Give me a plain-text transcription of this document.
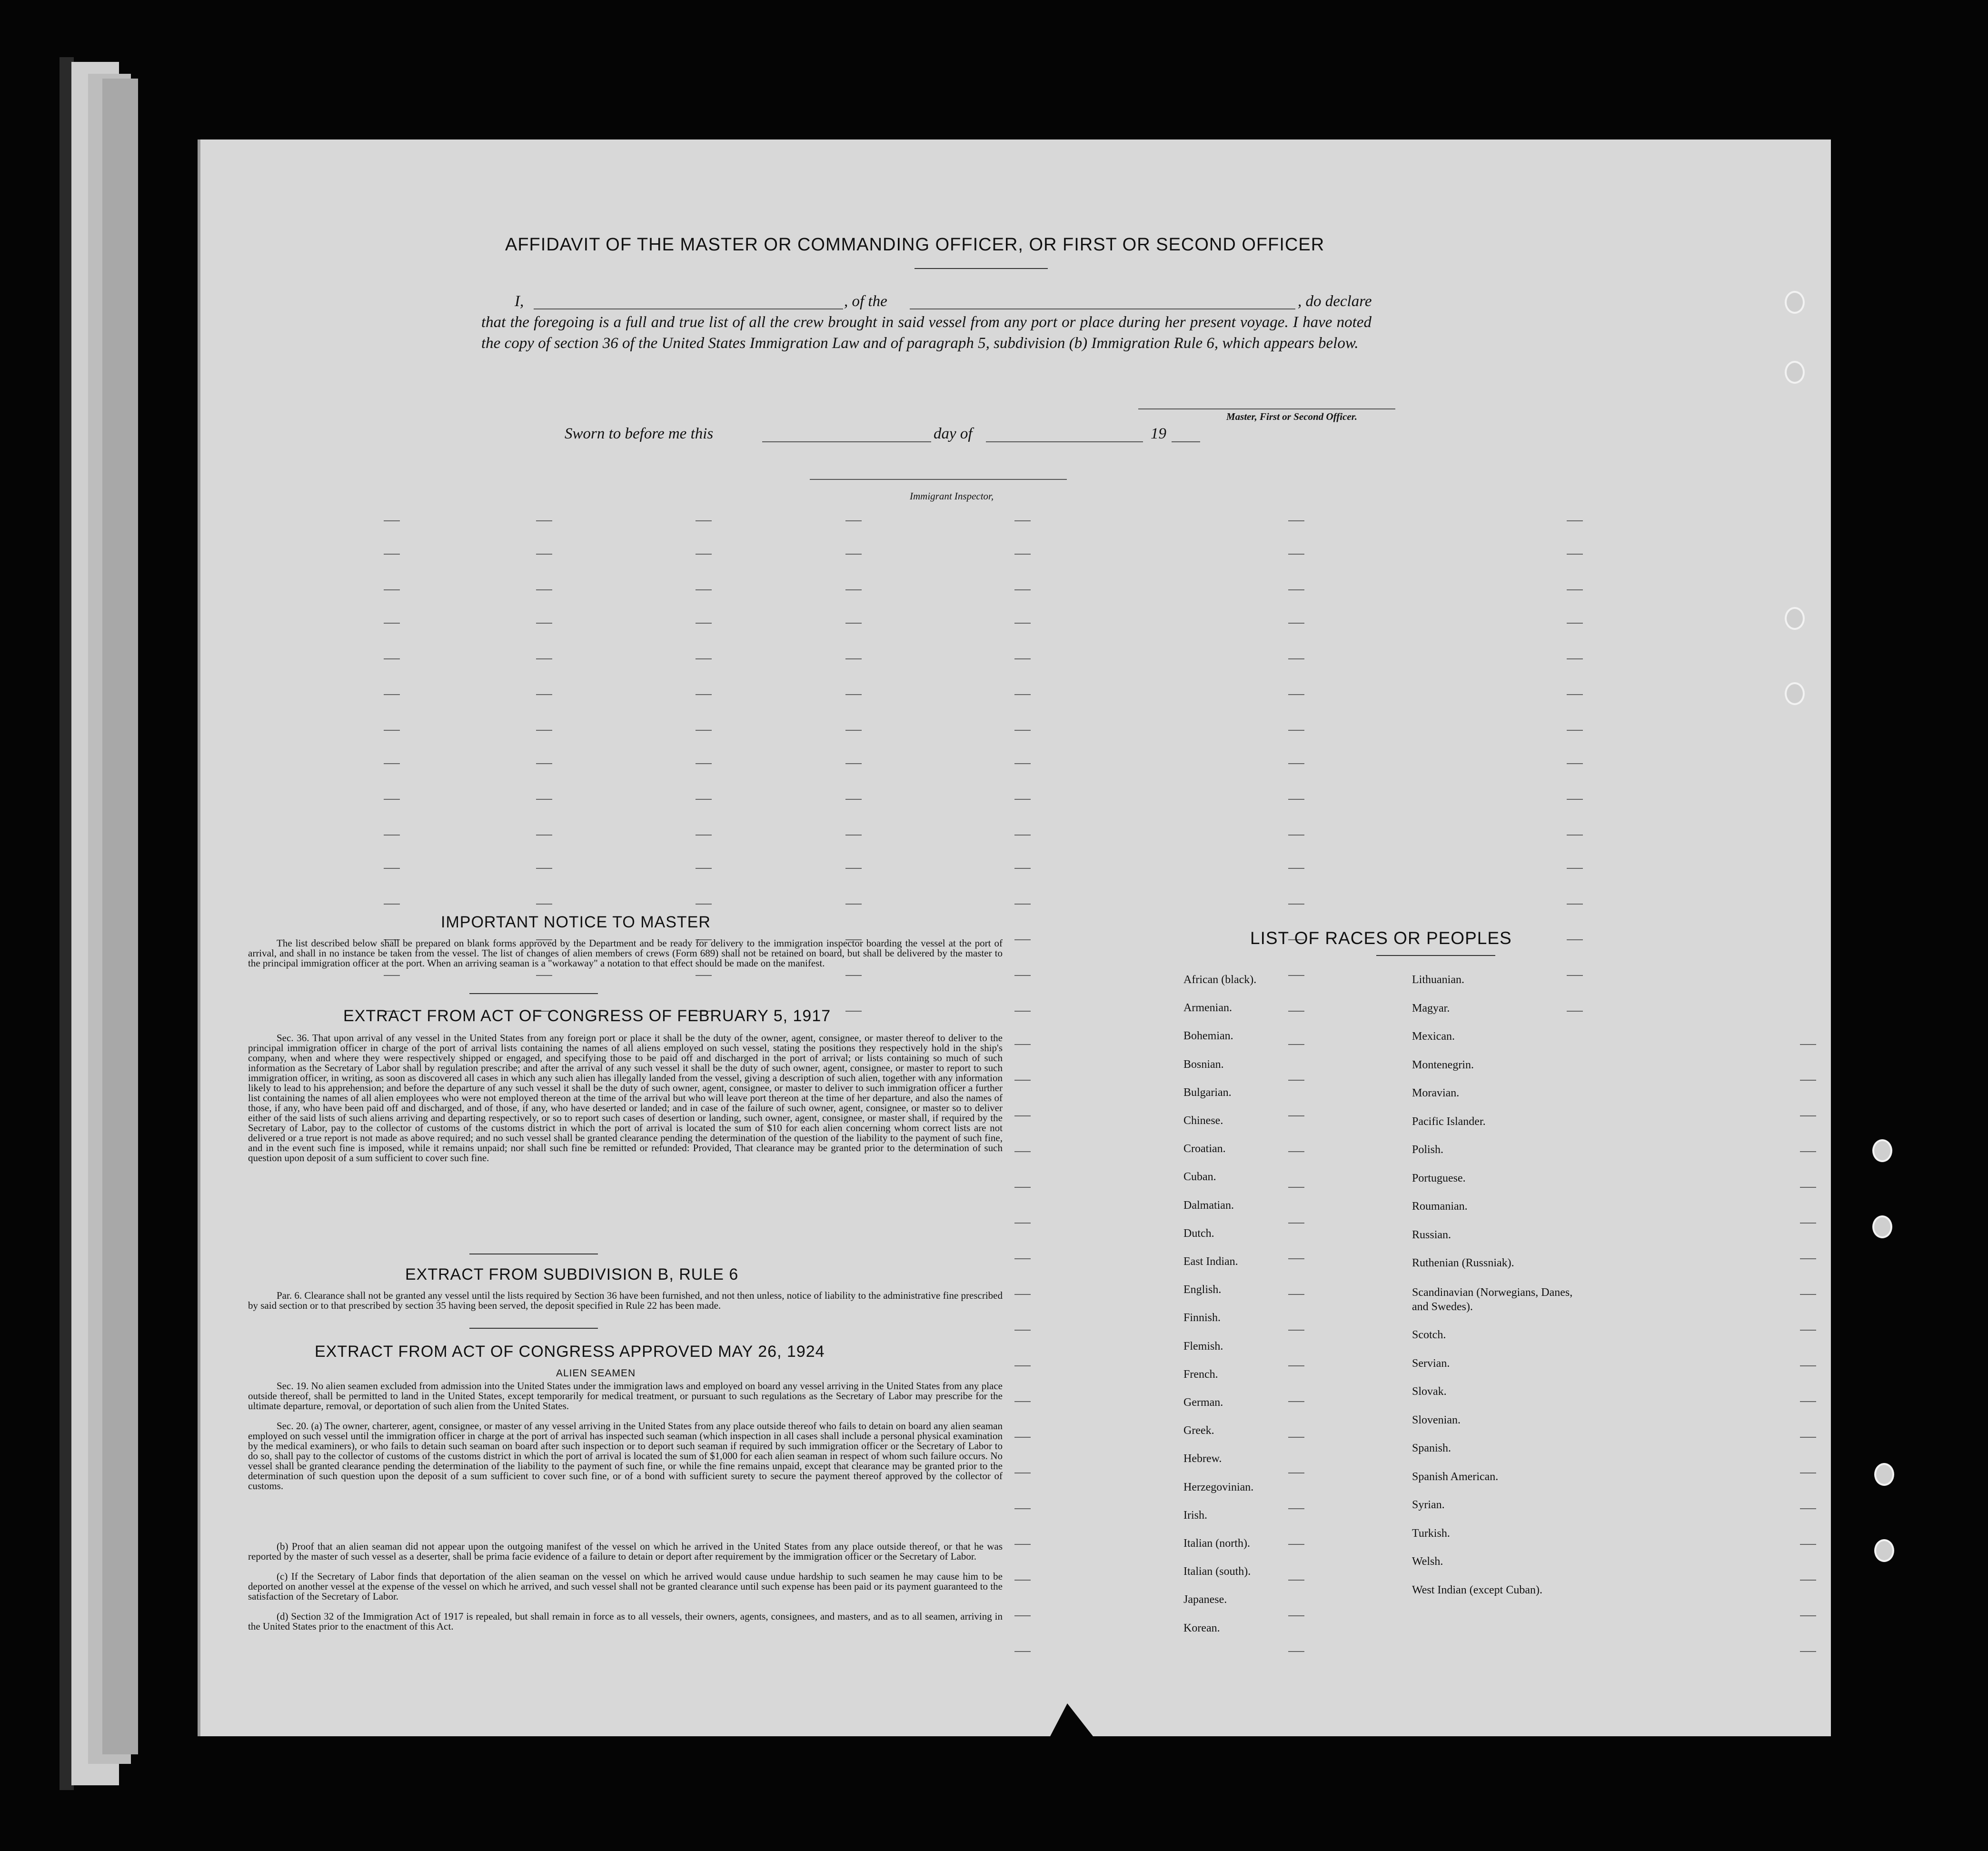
AFFIDAVIT OF THE MASTER OR COMMANDING OFFICER, OR FIRST OR SECOND OFFICER
I,	, of the	, do declare
that the foregoing is a full and true list of all the crew brought in said vessel from any port or place during her present voyage. I have noted the copy of section 36 of the United States Immigration Law and of paragraph 5, subdivision (b) Immigration Rule 6, which appears below.
Master, First or Second Officer.
Sworn to before me this	day of	19
Immigrant Inspector,
IMPORTANT NOTICE TO MASTER
The list described below shall be prepared on blank forms approved by the Department and be ready for delivery to the immigration inspector boarding the vessel at the port of arrival, and shall in no instance be taken from the vessel. The list of changes of alien members of crews (Form 689) shall not be retained on board, but shall be delivered by the master to the principal immigration officer at the port. When an arriving seaman is a "workaway" a notation to that effect should be made on the manifest.
EXTRACT FROM ACT OF CONGRESS OF FEBRUARY 5, 1917
Sec. 36. That upon arrival of any vessel in the United States from any foreign port or place it shall be the duty of the owner, agent, consignee, or master thereof to deliver to the principal immigration officer in charge of the port of arrival lists containing the names of all aliens employed on such vessel, stating the positions they respectively hold in the ship's company, when and where they were respectively shipped or engaged, and specifying those to be paid off and discharged in the port of arrival; or lists containing so much of such information as the Secretary of Labor shall by regulation prescribe; and after the arrival of any such vessel it shall be the duty of such owner, agent, consignee, or master to report to such immigration officer, in writing, as soon as discovered all cases in which any such alien has illegally landed from the vessel, giving a description of such alien, together with any information likely to lead to his apprehension; and before the departure of any such vessel it shall be the duty of such owner, agent, consignee, or master to deliver to such immigration officer a further list containing the names of all alien employees who were not employed thereon at the time of the arrival but who will leave port thereon at the time of her departure, and also the names of those, if any, who have been paid off and discharged, and of those, if any, who have deserted or landed; and in case of the failure of such owner, agent, consignee, or master so to deliver either of the said lists of such aliens arriving and departing respectively, or so to report such cases of desertion or landing, such owner, agent, consignee, or master shall, if required by the Secretary of Labor, pay to the collector of customs of the customs district in which the port of arrival is located the sum of $10 for each alien concerning whom correct lists are not delivered or a true report is not made as above required; and no such vessel shall be granted clearance pending the determination of the question of the liability to the payment of such fine, and in the event such fine is imposed, while it remains unpaid; nor shall such fine be remitted or refunded: Provided, That clearance may be granted prior to the determination of such question upon deposit of a sum sufficient to cover such fine.
EXTRACT FROM SUBDIVISION B, RULE 6
Par. 6. Clearance shall not be granted any vessel until the lists required by Section 36 have been furnished, and not then unless, notice of liability to the administrative fine prescribed by said section or to that prescribed by section 35 having been served, the deposit specified in Rule 22 has been made.
EXTRACT FROM ACT OF CONGRESS APPROVED MAY 26, 1924
ALIEN SEAMEN
Sec. 19. No alien seamen excluded from admission into the United States under the immigration laws and employed on board any vessel arriving in the United States from any place outside thereof, shall be permitted to land in the United States, except temporarily for medical treatment, or pursuant to such regulations as the Secretary of Labor may prescribe for the ultimate departure, removal, or deportation of such alien from the United States.
Sec. 20. (a) The owner, charterer, agent, consignee, or master of any vessel arriving in the United States from any place outside thereof who fails to detain on board any alien seaman employed on such vessel until the immigration officer in charge at the port of arrival has inspected such seaman (which inspection in all cases shall include a personal physical examination by the medical examiners), or who fails to detain such seaman on board after such inspection or to deport such seaman if required by such immigration officer or the Secretary of Labor to do so, shall pay to the collector of customs of the customs district in which the port of arrival is located the sum of $1,000 for each alien seaman in respect of whom such failure occurs. No vessel shall be granted clearance pending the determination of the liability to the payment of such fine, or while the fine remains unpaid, except that clearance may be granted prior to the determination of such question upon the deposit of a sum sufficient to cover such fine, or of a bond with sufficient surety to secure the payment thereof approved by the collector of customs.
(b) Proof that an alien seaman did not appear upon the outgoing manifest of the vessel on which he arrived in the United States from any place outside thereof, or that he was reported by the master of such vessel as a deserter, shall be prima facie evidence of a failure to detain or deport after requirement by the immigration officer or the Secretary of Labor.
(c) If the Secretary of Labor finds that deportation of the alien seaman on the vessel on which he arrived would cause undue hardship to such seamen he may cause him to be deported on another vessel at the expense of the vessel on which he arrived, and such vessel shall not be granted clearance until such expense has been paid or its payment guaranteed to the satisfaction of the Secretary of Labor.
(d) Section 32 of the Immigration Act of 1917 is repealed, but shall remain in force as to all vessels, their owners, agents, consignees, and masters, and as to all seamen, arriving in the United States prior to the enactment of this Act.
LIST OF RACES OR PEOPLES
African (black).
Armenian.
Bohemian.
Bosnian.
Bulgarian.
Chinese.
Croatian.
Cuban.
Dalmatian.
Dutch.
East Indian.
English.
Finnish.
Flemish.
French.
German.
Greek.
Hebrew.
Herzegovinian.
Irish.
Italian (north).
Italian (south).
Japanese.
Korean.
Lithuanian.
Magyar.
Mexican.
Montenegrin.
Moravian.
Pacific Islander.
Polish.
Portuguese.
Roumanian.
Russian.
Ruthenian (Russniak).
Scandinavian (Norwegians, Danes, and Swedes).
Scotch.
Servian.
Slovak.
Slovenian.
Spanish.
Spanish American.
Syrian.
Turkish.
Welsh.
West Indian (except Cuban).
